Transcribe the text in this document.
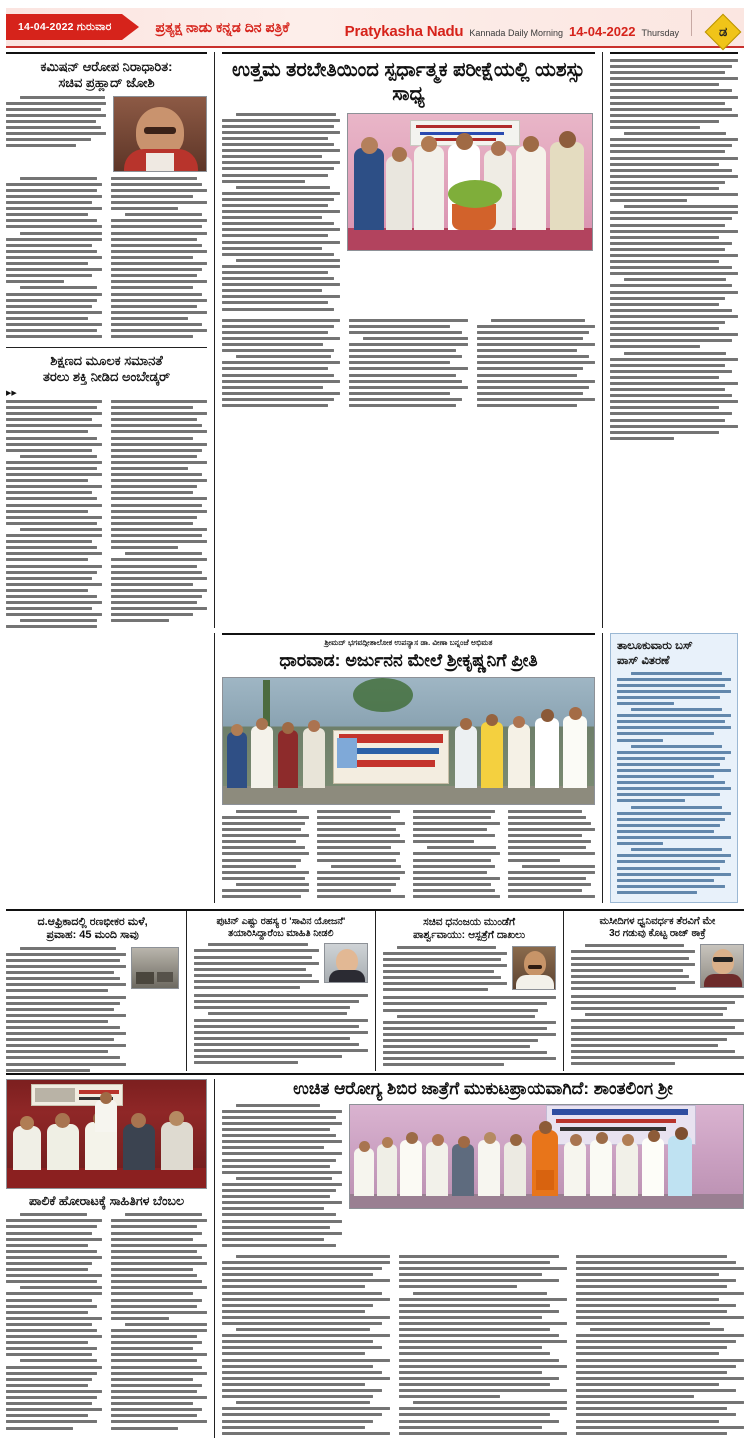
14-04-2022 ಗುರುವಾರ	ಪ್ರತ್ಯಕ್ಷ ನಾಡು ಕನ್ನಡ ದಿನ ಪತ್ರಿಕೆ	Pratykasha Nadu Kannada Daily Morning 14-04-2022 Thursday	ಡ
ಕಮಿಷನ್ ಆರೋಪ ನಿರಾಧಾರಿತ:
ಸಚಿವ ಪ್ರಹ್ಲಾದ್ ಜೋಶಿ
ಶಿಕ್ಷಣದ ಮೂಲಕ ಸಮಾನತೆ
ತರಲು ಶಕ್ತಿ ನೀಡಿದ ಅಂಬೇಡ್ಕರ್
▶▶
ಉತ್ತಮ ತರಬೇತಿಯಿಂದ ಸ್ಪರ್ಧಾತ್ಮಕ ಪರೀಕ್ಷೆಯಲ್ಲಿ ಯಶಸ್ಸು ಸಾಧ್ಯ
ಶ್ರೀಮದ್ ಭಗವದ್ಗೀತಾಲೋಕ ಉಪನ್ಯಾಸ ಡಾ. ವೀಣಾ ಬನ್ನಂಜೆ ಅಭಿಮತ
ಧಾರವಾಡ: ಅರ್ಜುನನ ಮೇಲೆ ಶ್ರೀಕೃಷ್ಣನಿಗೆ ಪ್ರೀತಿ
ತಾಲೂಕುವಾರು ಬಸ್
ಪಾಸ್ ವಿತರಣೆ
ದ.ಆಫ್ರಿಕಾದಲ್ಲಿ ರಣಭೀಕರ ಮಳೆ,
ಪ್ರವಾಹ: 45 ಮಂದಿ ಸಾವು
ಪುಟಿನ್ ಎಷ್ಟು ರಹಸ್ಯ ರ 'ಸಾವಿನ ಯೋಜನೆ'
ತಯಾರಿಸಿದ್ದಾರೆಂಬ ಮಾಹಿತಿ ನೀಡಲಿ
ಸಚಿವ ಧನಂಜಯ ಮುಂಡೆಗೆ
ಪಾರ್ಶ್ವವಾಯು: ಆಸ್ಪತ್ರೆಗೆ ದಾಖಲು
ಮಸೀದಿಗಳ ಧ್ವನಿವರ್ಧಕ ತೆರವಿಗೆ ಮೇ
3ರ ಗಡುವು ಕೊಟ್ಟ ರಾಜ್ ಠಾಕ್ರೆ
ಪಾಲಿಕೆ ಹೋರಾಟಕ್ಕೆ ಸಾಹಿತಿಗಳ ಬೆಂಬಲ
ಉಚಿತ ಆರೋಗ್ಯ ಶಿಬಿರ ಜಾತ್ರೆಗೆ ಮುಕುಟಪ್ರಾಯವಾಗಿದೆ: ಶಾಂತಲಿಂಗ ಶ್ರೀ
